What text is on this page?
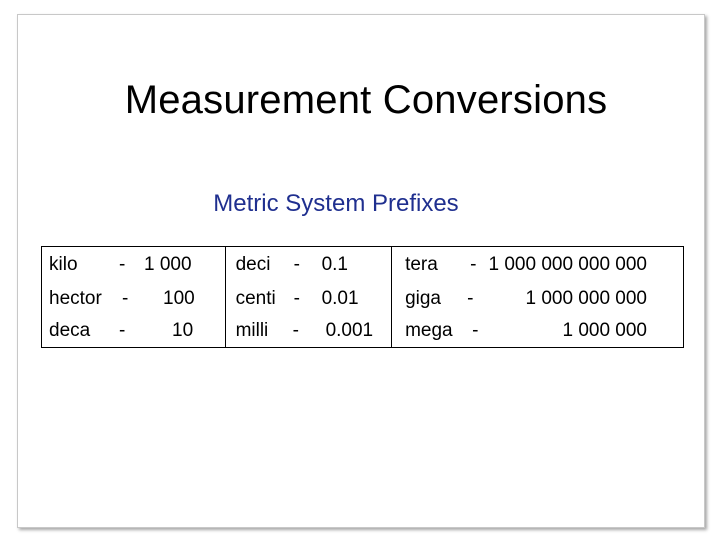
Measurement Conversions
Metric System Prefixes
kilo - 1 000	deci - 0.1	tera - 1 000 000 000 000

hector - 100	centi - 0.01	giga - 1 000 000 000

deca - 10	milli - 0.001	mega - 1 000 000
